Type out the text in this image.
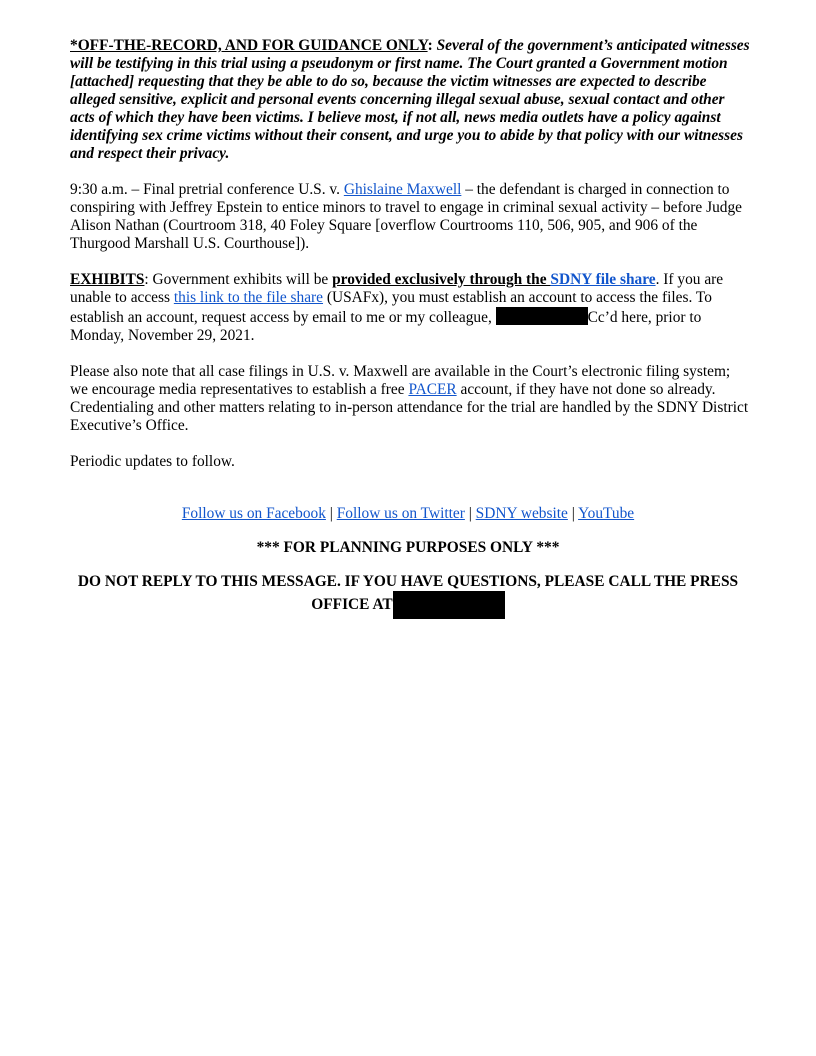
*OFF-THE-RECORD, AND FOR GUIDANCE ONLY: Several of the government’s anticipated witnesses will be testifying in this trial using a pseudonym or first name. The Court granted a Government motion [attached] requesting that they be able to do so, because the victim witnesses are expected to describe alleged sensitive, explicit and personal events concerning illegal sexual abuse, sexual contact and other acts of which they have been victims. I believe most, if not all, news media outlets have a policy against identifying sex crime victims without their consent, and urge you to abide by that policy with our witnesses and respect their privacy.

9:30 a.m. – Final pretrial conference U.S. v. Ghislaine Maxwell – the defendant is charged in connection to conspiring with Jeffrey Epstein to entice minors to travel to engage in criminal sexual activity – before Judge Alison Nathan (Courtroom 318, 40 Foley Square [overflow Courtrooms 110, 506, 905, and 906 of the Thurgood Marshall U.S. Courthouse]).

EXHIBITS: Government exhibits will be provided exclusively through the SDNY file share. If you are unable to access this link to the file share (USAFx), you must establish an account to access the files. To establish an account, request access by email to me or my colleague,	Cc’d here, prior to Monday, November 29, 2021.

Please also note that all case filings in U.S. v. Maxwell are available in the Court’s electronic filing system; we encourage media representatives to establish a free PACER account, if they have not done so already. Credentialing and other matters relating to in-person attendance for the trial are handled by the SDNY District Executive’s Office.

Periodic updates to follow.

Follow us on Facebook | Follow us on Twitter | SDNY website | YouTube
*** FOR PLANNING PURPOSES ONLY ***
DO NOT REPLY TO THIS MESSAGE. IF YOU HAVE QUESTIONS, PLEASE CALL THE PRESS OFFICE AT
